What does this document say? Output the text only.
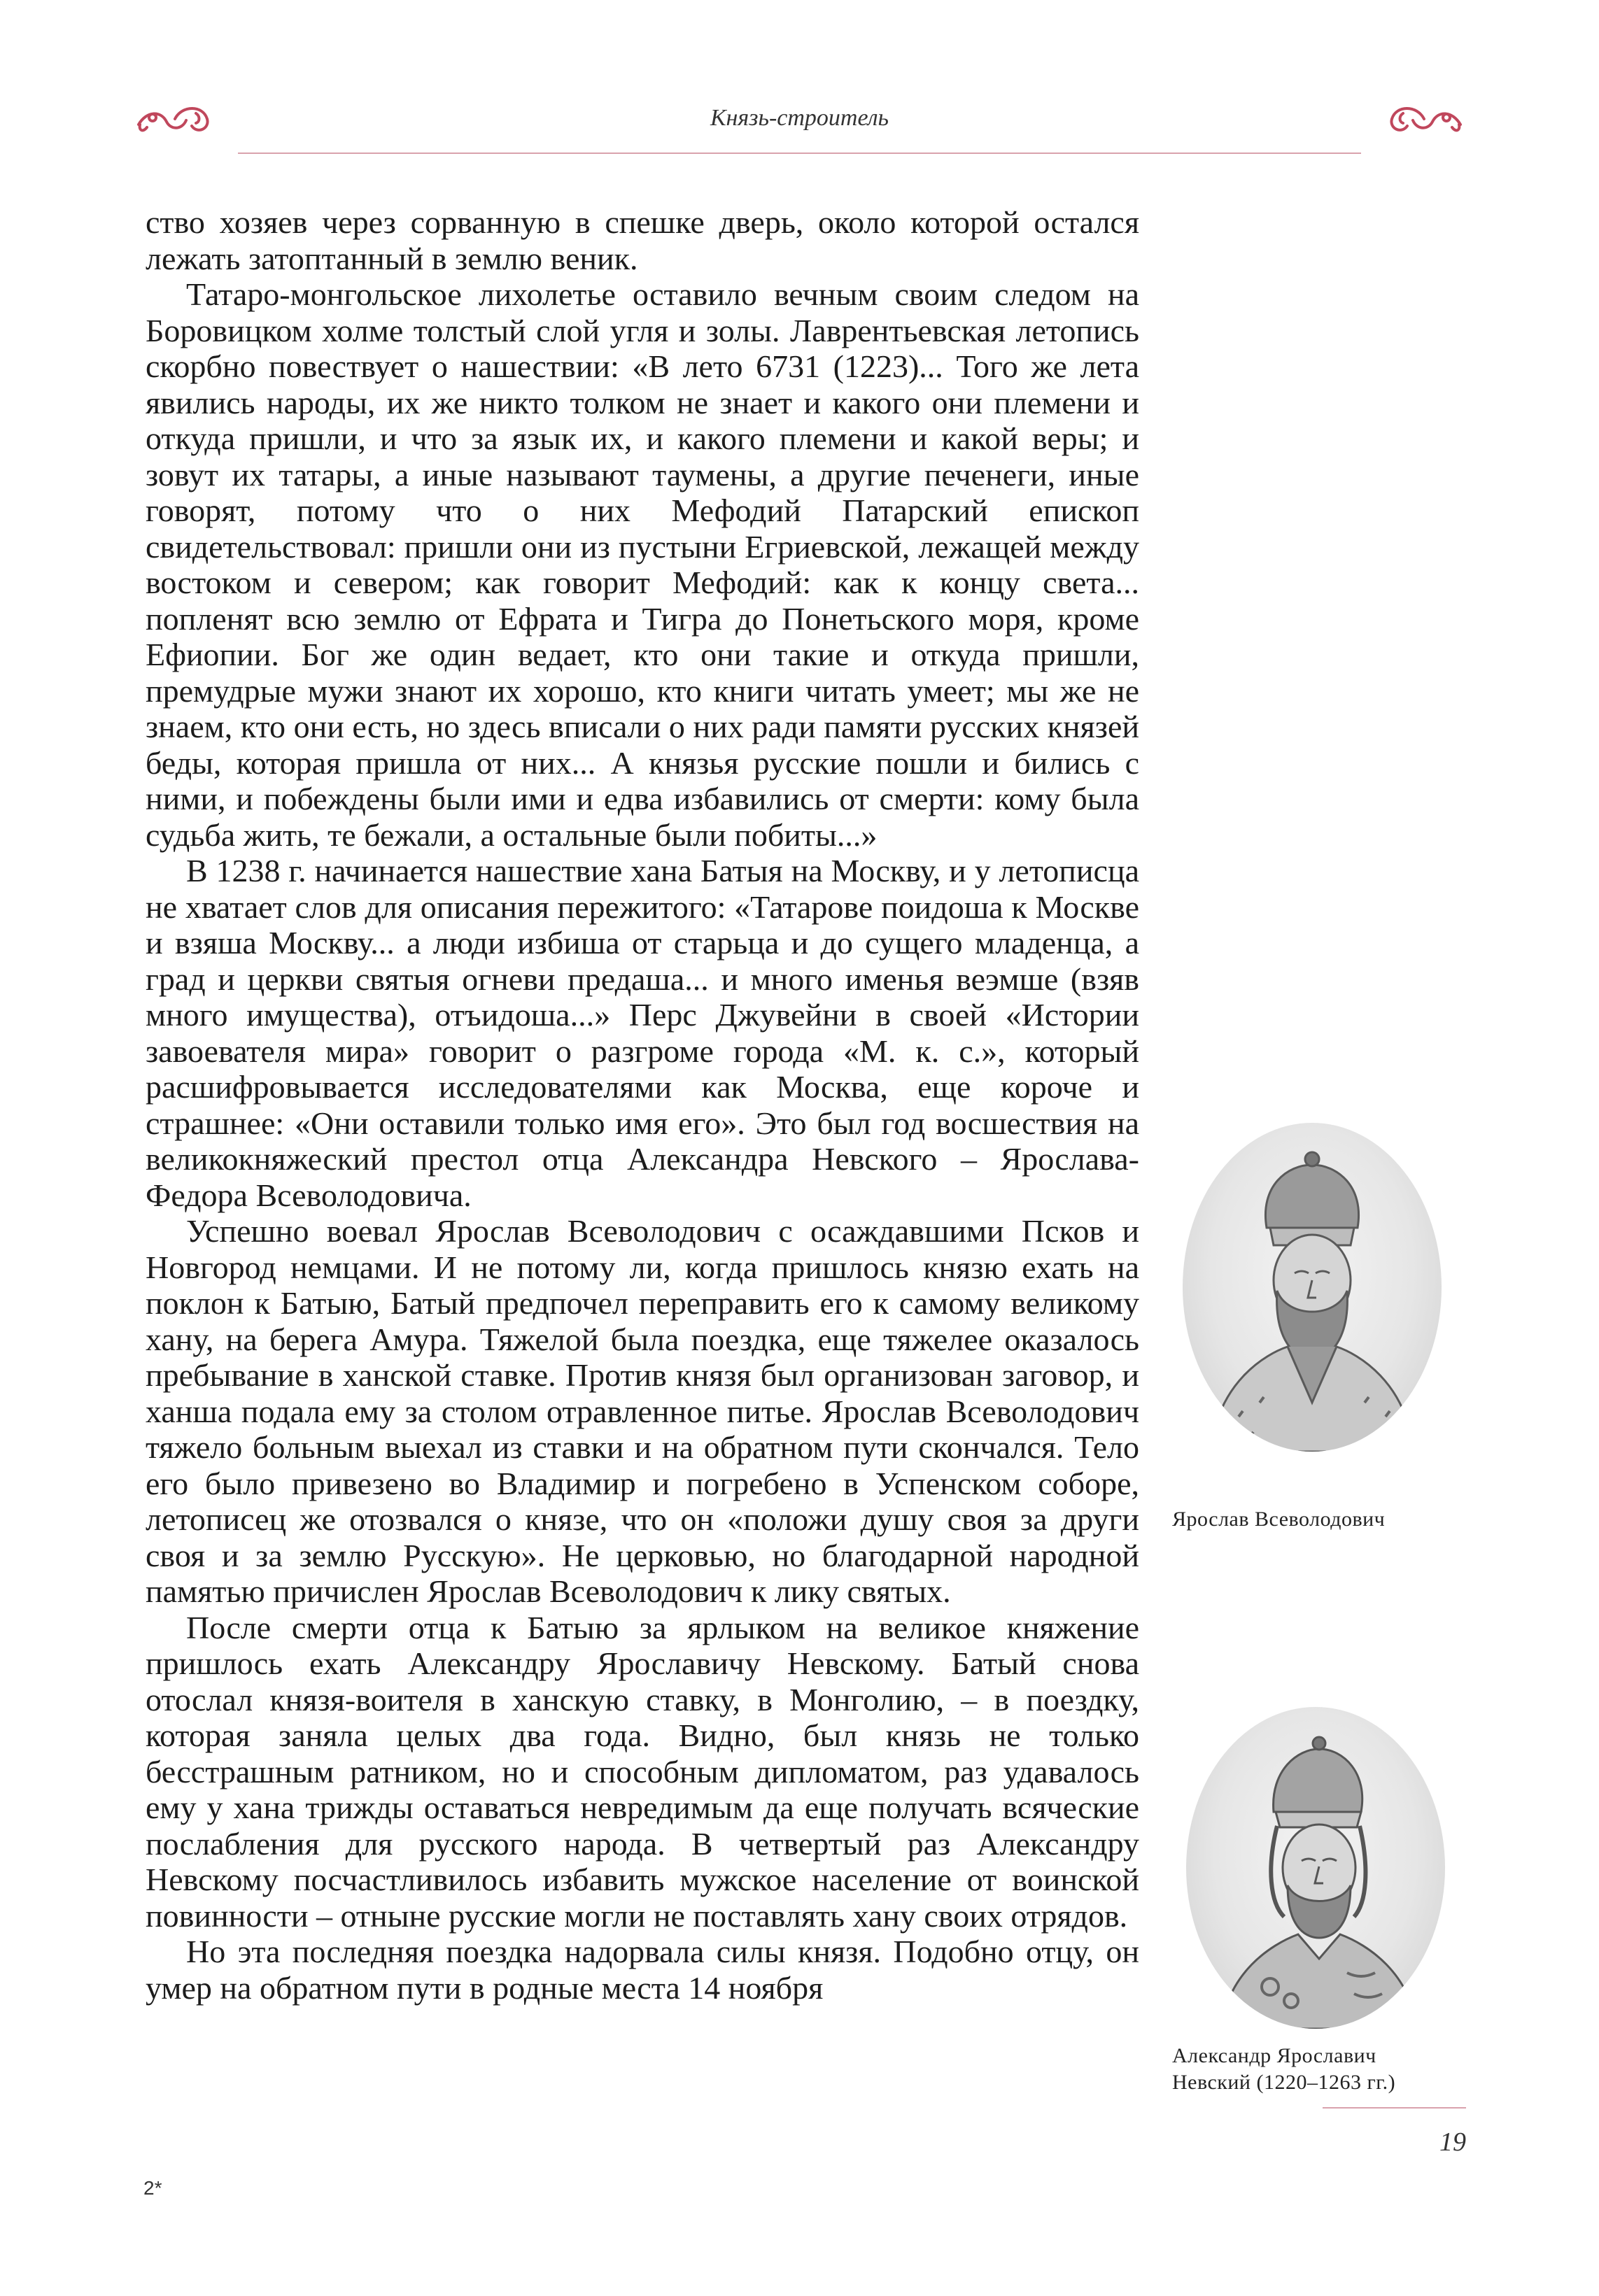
Князь-строитель

ство хозяев через сорванную в спешке дверь, около которой остался лежать затоптанный в землю веник.

Татаро-монгольское лихолетье оставило вечным своим следом на Боровицком холме толстый слой угля и золы. Лаврентьевская летопись скорбно повествует о нашествии: «В лето 6731 (1223)... Того же лета явились народы, их же никто толком не знает и какого они племени и откуда пришли, и что за язык их, и какого племени и какой веры; и зовут их татары, а иные называют таумены, а другие печенеги, иные говорят, потому что о них Мефодий Патарский епископ свидетельствовал: пришли они из пустыни Егриевской, лежащей между востоком и севером; как говорит Мефодий: как к концу света... попленят всю землю от Ефрата и Тигра до Понетьского моря, кроме Ефиопии. Бог же один ведает, кто они такие и откуда пришли, премудрые мужи знают их хорошо, кто книги читать умеет; мы же не знаем, кто они есть, но здесь вписали о них ради памяти русских князей беды, которая пришла от них... А князья русские пошли и бились с ними, и побеждены были ими и едва избавились от смерти: кому была судьба жить, те бежали, а остальные были побиты...»

В 1238 г. начинается нашествие хана Батыя на Москву, и у летописца не хватает слов для описания пережитого: «Татарове поидоша к Москве и взяша Москву... а люди избиша от старьца и до сущего младенца, а град и церкви святыя огневи предаша... и много именья веэмше (взяв много имущества), отъидоша...» Перс Джувейни в своей «Истории завоевателя мира» говорит о разгроме города «М. к. с.», который расшифровывается исследователями как Москва, еще короче и страшнее: «Они оставили только имя его». Это был год восшествия на великокняжеский престол отца Александра Невского – Ярослава-Федора Всеволодовича.

Успешно воевал Ярослав Всеволодович с осаждавшими Псков и Новгород немцами. И не потому ли, когда пришлось князю ехать на поклон к Батыю, Батый предпочел переправить его к самому великому хану, на берега Амура. Тяжелой была поездка, еще тяжелее оказалось пребывание в ханской ставке. Против князя был организован заговор, и ханша подала ему за столом отравленное питье. Ярослав Всеволодович тяжело больным выехал из ставки и на обратном пути скончался. Тело его было привезено во Владимир и погребено в Успенском соборе, летописец же отозвался о князе, что он «положи душу своя за други своя и за землю Русскую». Не церковью, но благодарной народной памятью причислен Ярослав Всеволодович к лику святых.

После смерти отца к Батыю за ярлыком на великое княжение пришлось ехать Александру Ярославичу Невскому. Батый снова отослал князя-воителя в ханскую ставку, в Монголию, – в поездку, которая заняла целых два года. Видно, был князь не только бесстрашным ратником, но и способным дипломатом, раз удавалось ему у хана трижды оставаться невредимым да еще получать всяческие послабления для русского народа. В четвертый раз Александру Невскому посчастливилось избавить мужское население от воинской повинности – отныне русские могли не поставлять хану своих отрядов.

Но эта последняя поездка надорвала силы князя. Подобно отцу, он умер на обратном пути в родные места 14 ноября

Ярослав Всеволодович
Александр Ярославич
Невский (1220–1263 гг.)
19
2*
